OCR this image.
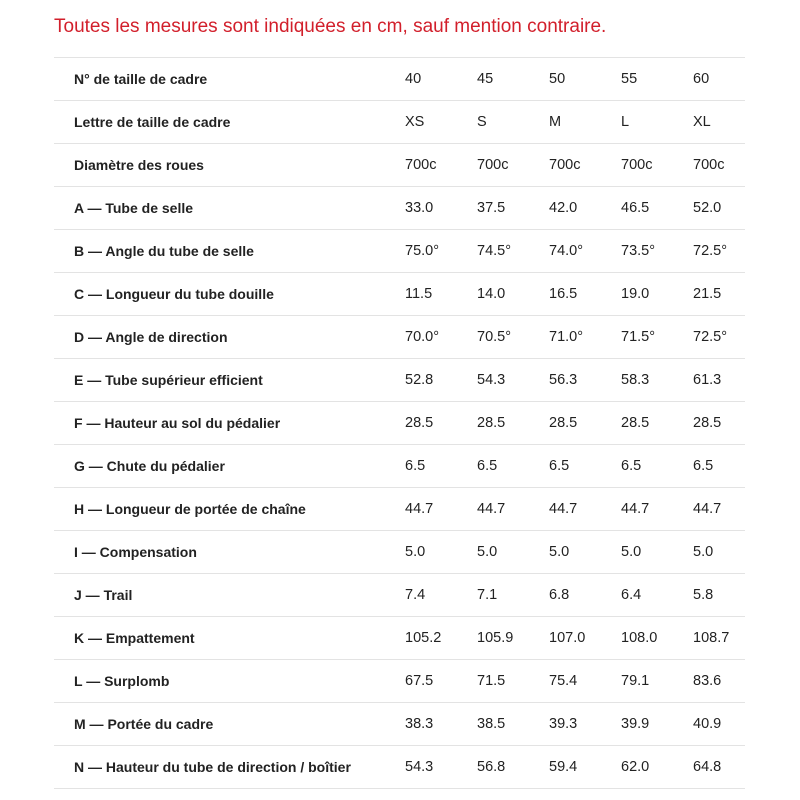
Toutes les mesures sont indiquées en cm, sauf mention contraire.
N° de taille de cadre	40	45	50	55	60
Lettre de taille de cadre	XS	S	M	L	XL
Diamètre des roues	700c	700c	700c	700c	700c
A — Tube de selle	33.0	37.5	42.0	46.5	52.0
B — Angle du tube de selle	75.0°	74.5°	74.0°	73.5°	72.5°
C — Longueur du tube douille	11.5	14.0	16.5	19.0	21.5
D — Angle de direction	70.0°	70.5°	71.0°	71.5°	72.5°
E — Tube supérieur efficient	52.8	54.3	56.3	58.3	61.3
F — Hauteur au sol du pédalier	28.5	28.5	28.5	28.5	28.5
G — Chute du pédalier	6.5	6.5	6.5	6.5	6.5
H — Longueur de portée de chaîne	44.7	44.7	44.7	44.7	44.7
I — Compensation	5.0	5.0	5.0	5.0	5.0
J — Trail	7.4	7.1	6.8	6.4	5.8
K — Empattement	105.2	105.9	107.0	108.0	108.7
L — Surplomb	67.5	71.5	75.4	79.1	83.6
M — Portée du cadre	38.3	38.5	39.3	39.9	40.9
N — Hauteur du tube de direction / boîtier	54.3	56.8	59.4	62.0	64.8
